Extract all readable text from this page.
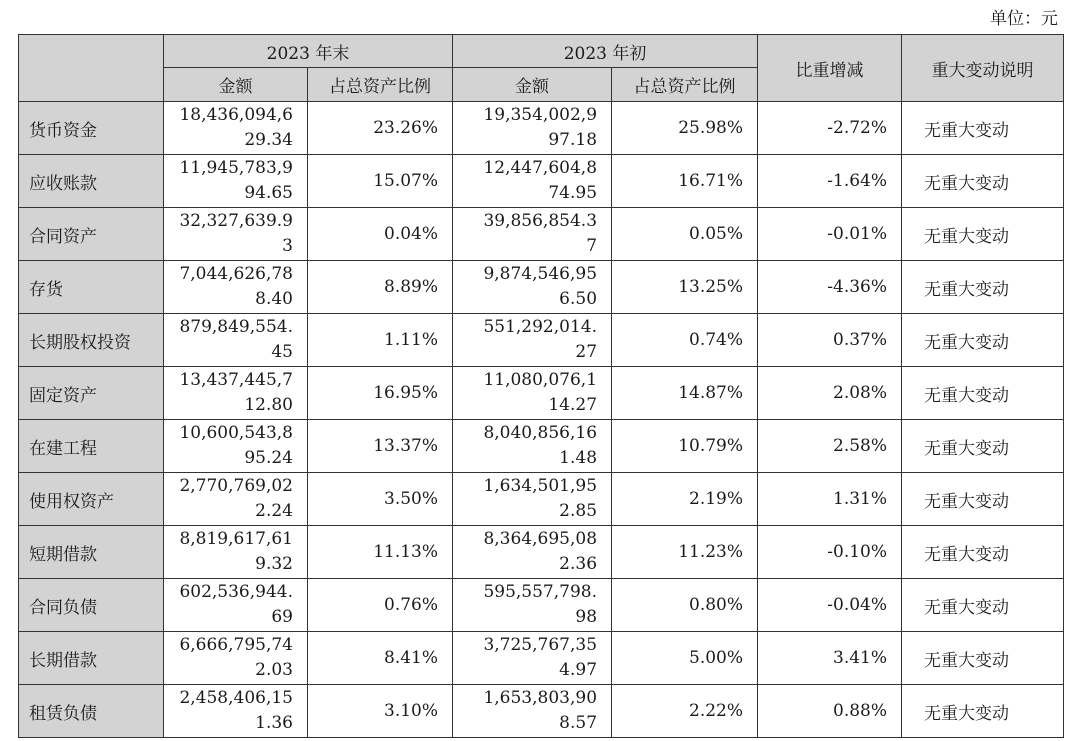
单位：元
	2023 年末		2023 年初		比重增减	重大变动说明
	金额	占总资产比例	金额	占总资产比例		
货币资金	18,436,094,629.34	23.26%	19,354,002,997.18	25.98%	-2.72%	无重大变动
应收账款	11,945,783,994.65	15.07%	12,447,604,874.95	16.71%	-1.64%	无重大变动
合同资产	32,327,639.93	0.04%	39,856,854.37	0.05%	-0.01%	无重大变动
存货	7,044,626,788.40	8.89%	9,874,546,956.50	13.25%	-4.36%	无重大变动
长期股权投资	879,849,554.45	1.11%	551,292,014.27	0.74%	0.37%	无重大变动
固定资产	13,437,445,712.80	16.95%	11,080,076,114.27	14.87%	2.08%	无重大变动
在建工程	10,600,543,895.24	13.37%	8,040,856,161.48	10.79%	2.58%	无重大变动
使用权资产	2,770,769,022.24	3.50%	1,634,501,952.85	2.19%	1.31%	无重大变动
短期借款	8,819,617,619.32	11.13%	8,364,695,082.36	11.23%	-0.10%	无重大变动
合同负债	602,536,944.69	0.76%	595,557,798.98	0.80%	-0.04%	无重大变动
长期借款	6,666,795,742.03	8.41%	3,725,767,354.97	5.00%	3.41%	无重大变动
租赁负债	2,458,406,151.36	3.10%	1,653,803,908.57	2.22%	0.88%	无重大变动
